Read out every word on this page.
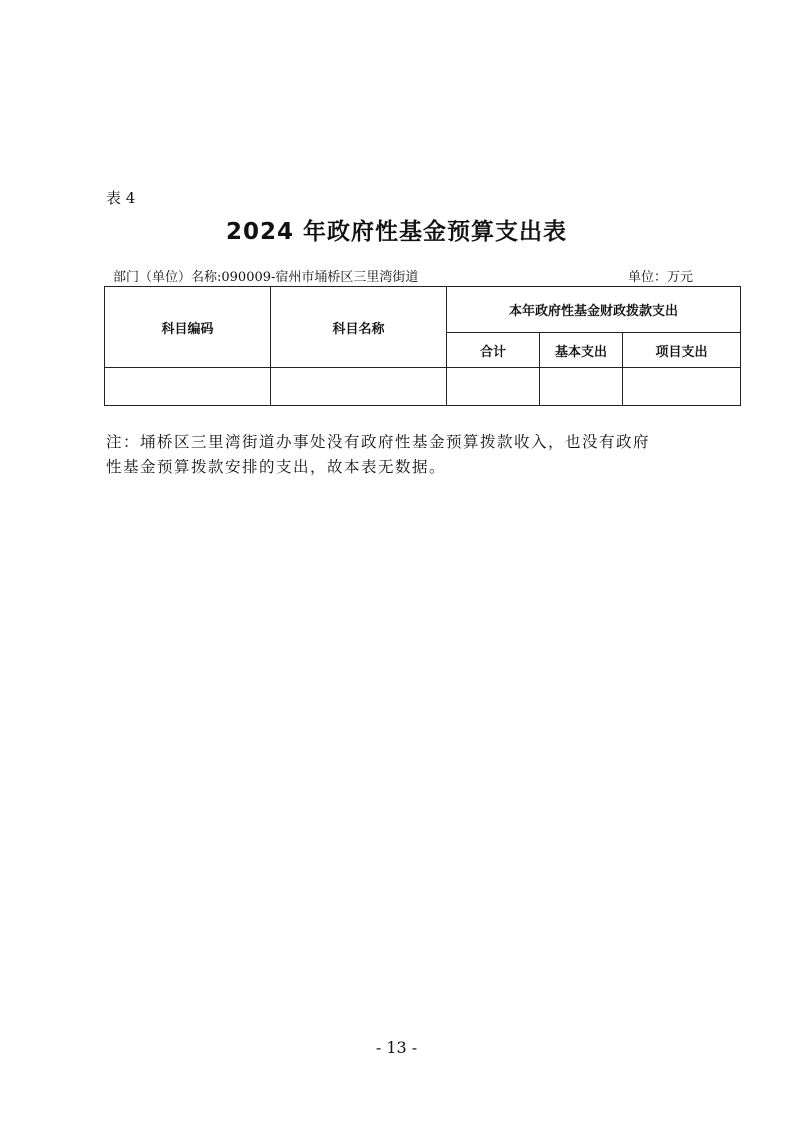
表 4
2024 年政府性基金预算支出表
部门（单位）名称:090009-宿州市埇桥区三里湾街道	单位：万元
科目编码	科目名称	本年政府性基金财政拨款支出		
		合计	基本支出	项目支出

注：埇桥区三里湾街道办事处没有政府性基金预算拨款收入，也没有政府
性基金预算拨款安排的支出，故本表无数据。
- 13 -
